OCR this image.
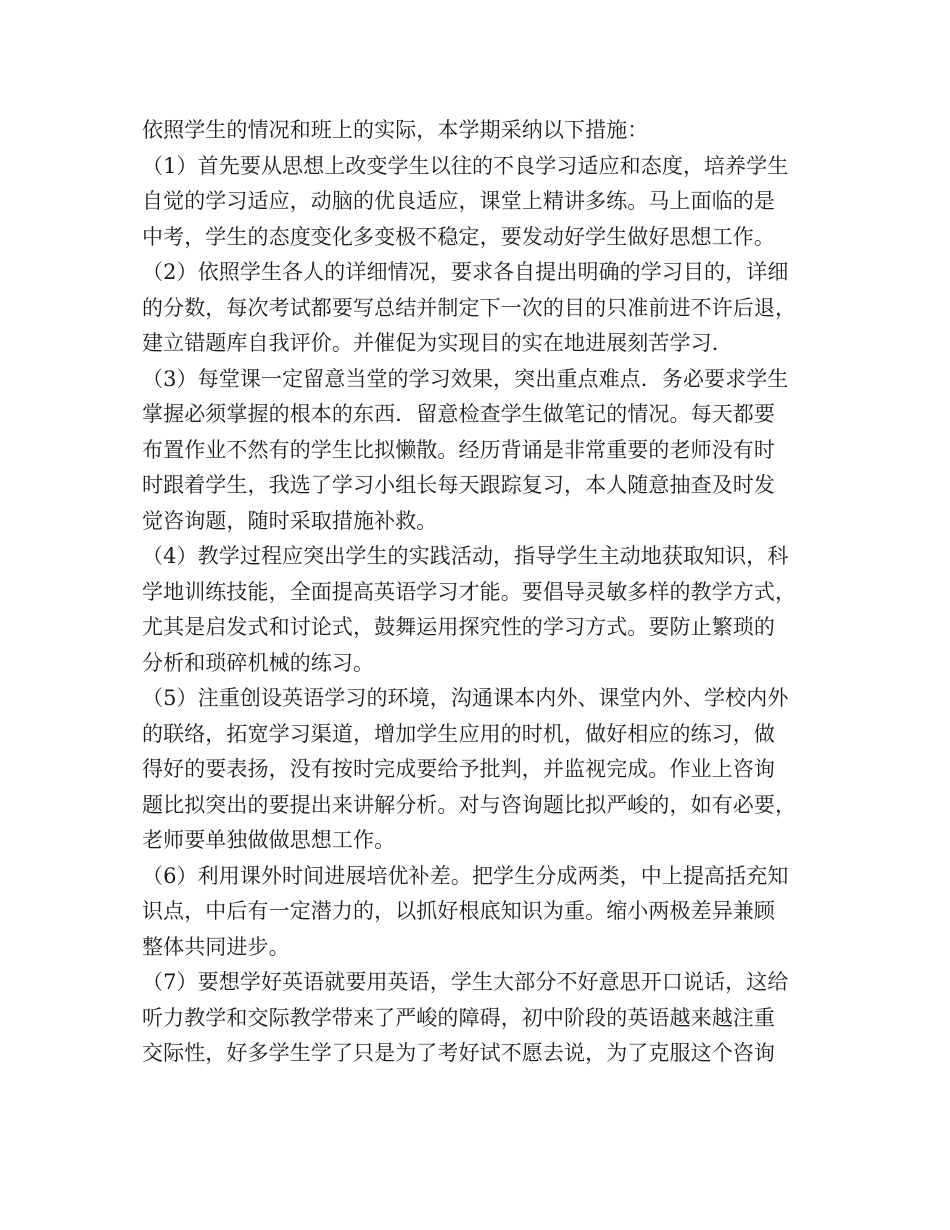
依照学生的情况和班上的实际，本学期采纳以下措施：
（1）首先要从思想上改变学生以往的不良学习适应和态度，培养学生
自觉的学习适应，动脑的优良适应，课堂上精讲多练。马上面临的是
中考，学生的态度变化多变极不稳定，要发动好学生做好思想工作。
（2）依照学生各人的详细情况，要求各自提出明确的学习目的，详细
的分数，每次考试都要写总结并制定下一次的目的只准前进不许后退，
建立错题库自我评价。并催促为实现目的实在地进展刻苦学习.
（3）每堂课一定留意当堂的学习效果，突出重点难点．务必要求学生
掌握必须掌握的根本的东西．留意检查学生做笔记的情况。每天都要
布置作业不然有的学生比拟懒散。经历背诵是非常重要的老师没有时
时跟着学生，我选了学习小组长每天跟踪复习，本人随意抽查及时发
觉咨询题，随时采取措施补救。
（4）教学过程应突出学生的实践活动，指导学生主动地获取知识，科
学地训练技能，全面提高英语学习才能。要倡导灵敏多样的教学方式，
尤其是启发式和讨论式，鼓舞运用探究性的学习方式。要防止繁琐的
分析和琐碎机械的练习。
（5）注重创设英语学习的环境，沟通课本内外、课堂内外、学校内外
的联络，拓宽学习渠道，增加学生应用的时机，做好相应的练习，做
得好的要表扬，没有按时完成要给予批判，并监视完成。作业上咨询
题比拟突出的要提出来讲解分析。对与咨询题比拟严峻的，如有必要，
老师要单独做做思想工作。
（6）利用课外时间进展培优补差。把学生分成两类，中上提高括充知
识点，中后有一定潜力的，以抓好根底知识为重。缩小两极差异兼顾
整体共同进步。
（7）要想学好英语就要用英语，学生大部分不好意思开口说话，这给
听力教学和交际教学带来了严峻的障碍，初中阶段的英语越来越注重
交际性，好多学生学了只是为了考好试不愿去说，为了克服这个咨询
